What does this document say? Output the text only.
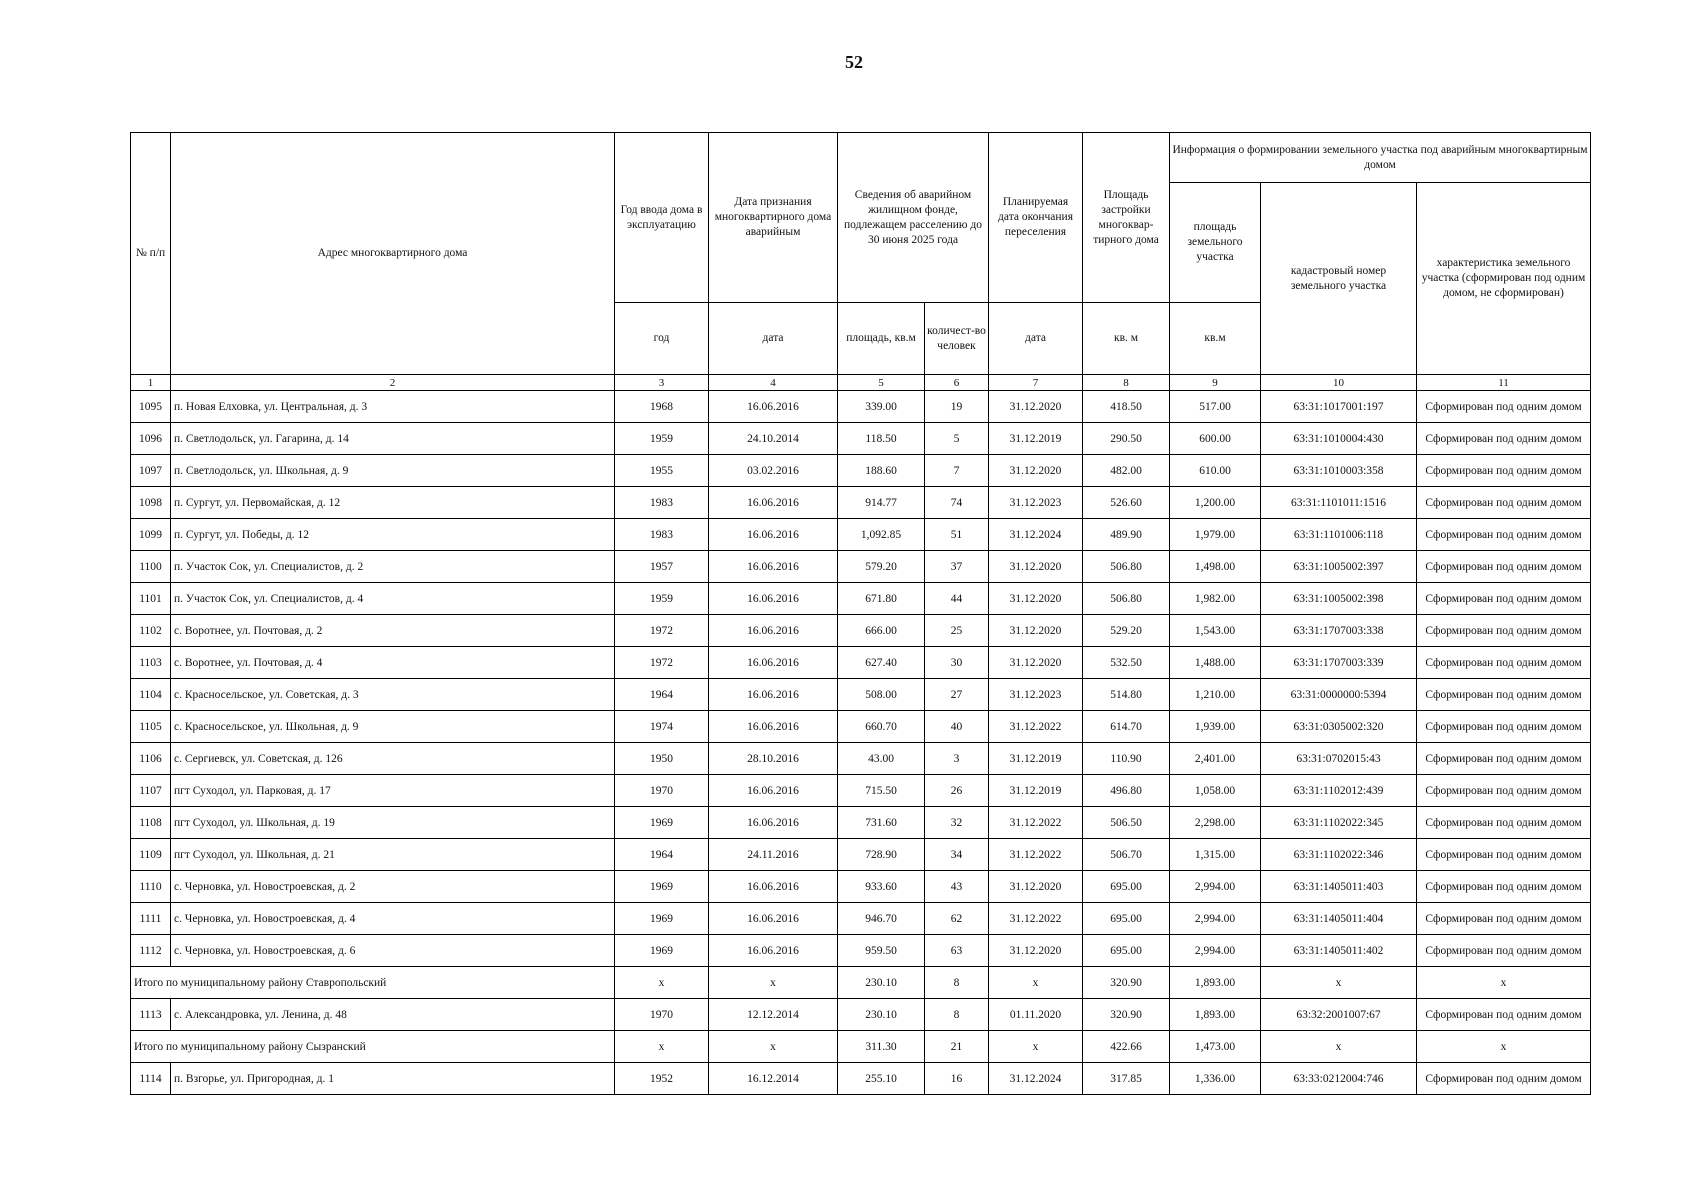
52
№ п/п	Адрес многоквартирного дома	Год ввода дома в эксплуатацию	Дата признания многоквартирного дома аварийным	Сведения об аварийном жилищном фонде, подлежащем расселению до 30 июня 2025 года		Планируемая дата окончания переселения	Площадь застройки многоквар-тирного дома	Информация о формировании земельного участка под аварийным многоквартирным домом		
								площадь земельного участка	кадастровый номер земельного участка	характеристика земельного участка (сформирован под одним домом, не сформирован)
		год	дата	площадь, кв.м	количест-во человек	дата	кв. м	кв.м		
1	2	3	4	5	6	7	8	9	10	11
1095	п. Новая Елховка, ул. Центральная, д. 3	1968	16.06.2016	339.00	19	31.12.2020	418.50	517.00	63:31:1017001:197	Сформирован под одним домом
1096	п. Светлодольск, ул. Гагарина, д. 14	1959	24.10.2014	118.50	5	31.12.2019	290.50	600.00	63:31:1010004:430	Сформирован под одним домом
1097	п. Светлодольск, ул. Школьная, д. 9	1955	03.02.2016	188.60	7	31.12.2020	482.00	610.00	63:31:1010003:358	Сформирован под одним домом
1098	п. Сургут, ул. Первомайская, д. 12	1983	16.06.2016	914.77	74	31.12.2023	526.60	1,200.00	63:31:1101011:1516	Сформирован под одним домом
1099	п. Сургут, ул. Победы, д. 12	1983	16.06.2016	1,092.85	51	31.12.2024	489.90	1,979.00	63:31:1101006:118	Сформирован под одним домом
1100	п. Участок Сок, ул. Специалистов, д. 2	1957	16.06.2016	579.20	37	31.12.2020	506.80	1,498.00	63:31:1005002:397	Сформирован под одним домом
1101	п. Участок Сок, ул. Специалистов, д. 4	1959	16.06.2016	671.80	44	31.12.2020	506.80	1,982.00	63:31:1005002:398	Сформирован под одним домом
1102	с. Воротнее, ул. Почтовая, д. 2	1972	16.06.2016	666.00	25	31.12.2020	529.20	1,543.00	63:31:1707003:338	Сформирован под одним домом
1103	с. Воротнее, ул. Почтовая, д. 4	1972	16.06.2016	627.40	30	31.12.2020	532.50	1,488.00	63:31:1707003:339	Сформирован под одним домом
1104	с. Красносельское, ул. Советская, д. 3	1964	16.06.2016	508.00	27	31.12.2023	514.80	1,210.00	63:31:0000000:5394	Сформирован под одним домом
1105	с. Красносельское, ул. Школьная, д. 9	1974	16.06.2016	660.70	40	31.12.2022	614.70	1,939.00	63:31:0305002:320	Сформирован под одним домом
1106	с. Сергиевск, ул. Советская, д. 126	1950	28.10.2016	43.00	3	31.12.2019	110.90	2,401.00	63:31:0702015:43	Сформирован под одним домом
1107	пгт Суходол, ул. Парковая, д. 17	1970	16.06.2016	715.50	26	31.12.2019	496.80	1,058.00	63:31:1102012:439	Сформирован под одним домом
1108	пгт Суходол, ул. Школьная, д. 19	1969	16.06.2016	731.60	32	31.12.2022	506.50	2,298.00	63:31:1102022:345	Сформирован под одним домом
1109	пгт Суходол, ул. Школьная, д. 21	1964	24.11.2016	728.90	34	31.12.2022	506.70	1,315.00	63:31:1102022:346	Сформирован под одним домом
1110	с. Черновка, ул. Новостроевская, д. 2	1969	16.06.2016	933.60	43	31.12.2020	695.00	2,994.00	63:31:1405011:403	Сформирован под одним домом
1111	с. Черновка, ул. Новостроевская, д. 4	1969	16.06.2016	946.70	62	31.12.2022	695.00	2,994.00	63:31:1405011:404	Сформирован под одним домом
1112	с. Черновка, ул. Новостроевская, д. 6	1969	16.06.2016	959.50	63	31.12.2020	695.00	2,994.00	63:31:1405011:402	Сформирован под одним домом
Итого по муниципальному району Ставропольский		x	x	230.10	8	x	320.90	1,893.00	x	x
1113	с. Александровка, ул. Ленина, д. 48	1970	12.12.2014	230.10	8	01.11.2020	320.90	1,893.00	63:32:2001007:67	Сформирован под одним домом
Итого по муниципальному району Сызранский		x	x	311.30	21	x	422.66	1,473.00	x	x
1114	п. Взгорье, ул. Пригородная, д. 1	1952	16.12.2014	255.10	16	31.12.2024	317.85	1,336.00	63:33:0212004:746	Сформирован под одним домом
